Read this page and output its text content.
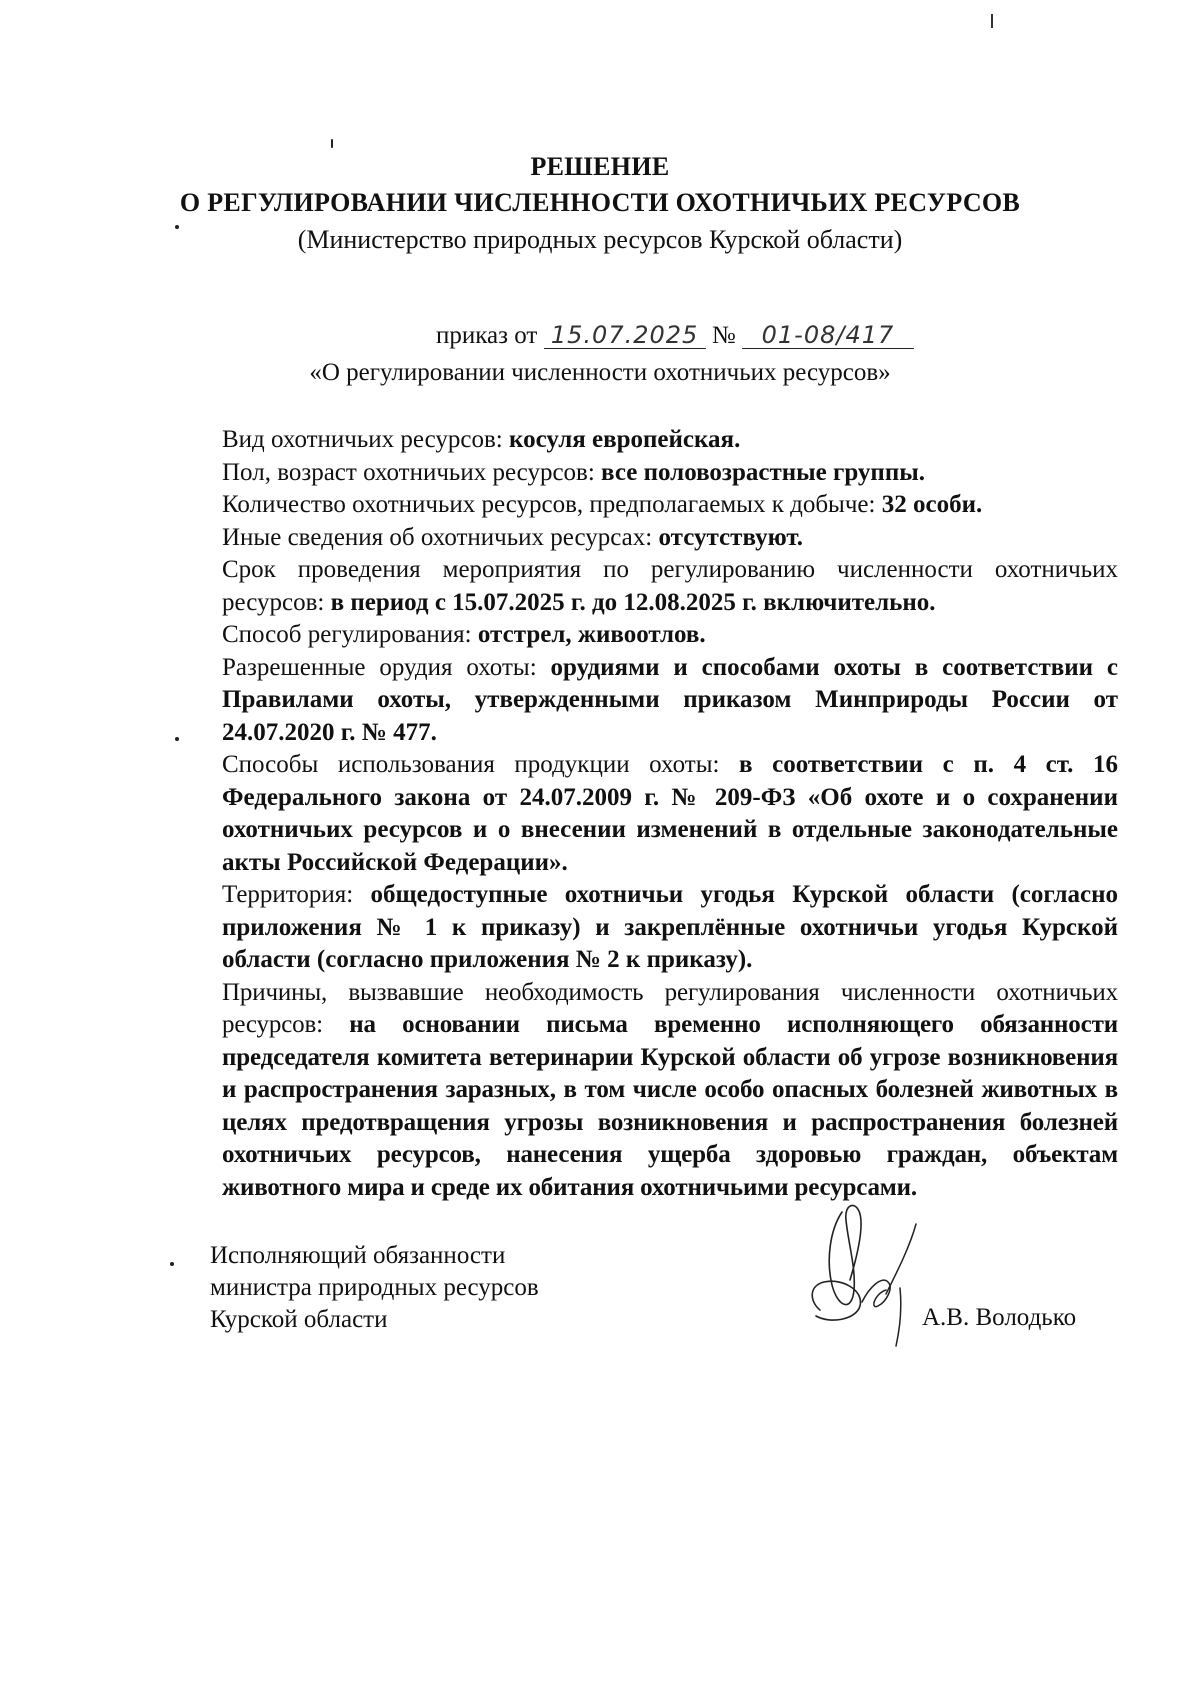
РЕШЕНИЕ
О РЕГУЛИРОВАНИИ ЧИСЛЕННОСТИ ОХОТНИЧЬИХ РЕСУРСОВ
(Министерство природных ресурсов Курской области)
приказ от 15.07.2025 № 01-08/417
«О регулировании численности охотничьих ресурсов»

Вид охотничьих ресурсов: косуля европейская.

Пол, возраст охотничьих ресурсов: все половозрастные группы.

Количество охотничьих ресурсов, предполагаемых к добыче: 32 особи.

Иные сведения об охотничьих ресурсах: отсутствуют.

Срок проведения мероприятия по регулированию численности охотничьих ресурсов: в период с 15.07.2025 г. до 12.08.2025 г. включительно.

Способ регулирования: отстрел, живоотлов.

Разрешенные орудия охоты: орудиями и способами охоты в соответствии с Правилами охоты, утвержденными приказом Минприроды России от 24.07.2020 г. № 477.

Способы использования продукции охоты: в соответствии с п. 4 ст. 16 Федерального закона от 24.07.2009 г. № 209-ФЗ «Об охоте и о сохранении охотничьих ресурсов и о внесении изменений в отдельные законодательные акты Российской Федерации».

Территория: общедоступные охотничьи угодья Курской области (согласно приложения № 1 к приказу) и закреплённые охотничьи угодья Курской области (согласно приложения № 2 к приказу).

Причины, вызвавшие необходимость регулирования численности охотничьих ресурсов: на основании письма временно исполняющего обязанности председателя комитета ветеринарии Курской области об угрозе возникновения и распространения заразных, в том числе особо опасных болезней животных в целях предотвращения угрозы возникновения и распространения болезней охотничьих ресурсов, нанесения ущерба здоровью граждан, объектам животного мира и среде их обитания охотничьими ресурсами.

Исполняющий обязанности
министра природных ресурсов
Курской области	А.В. Володько
